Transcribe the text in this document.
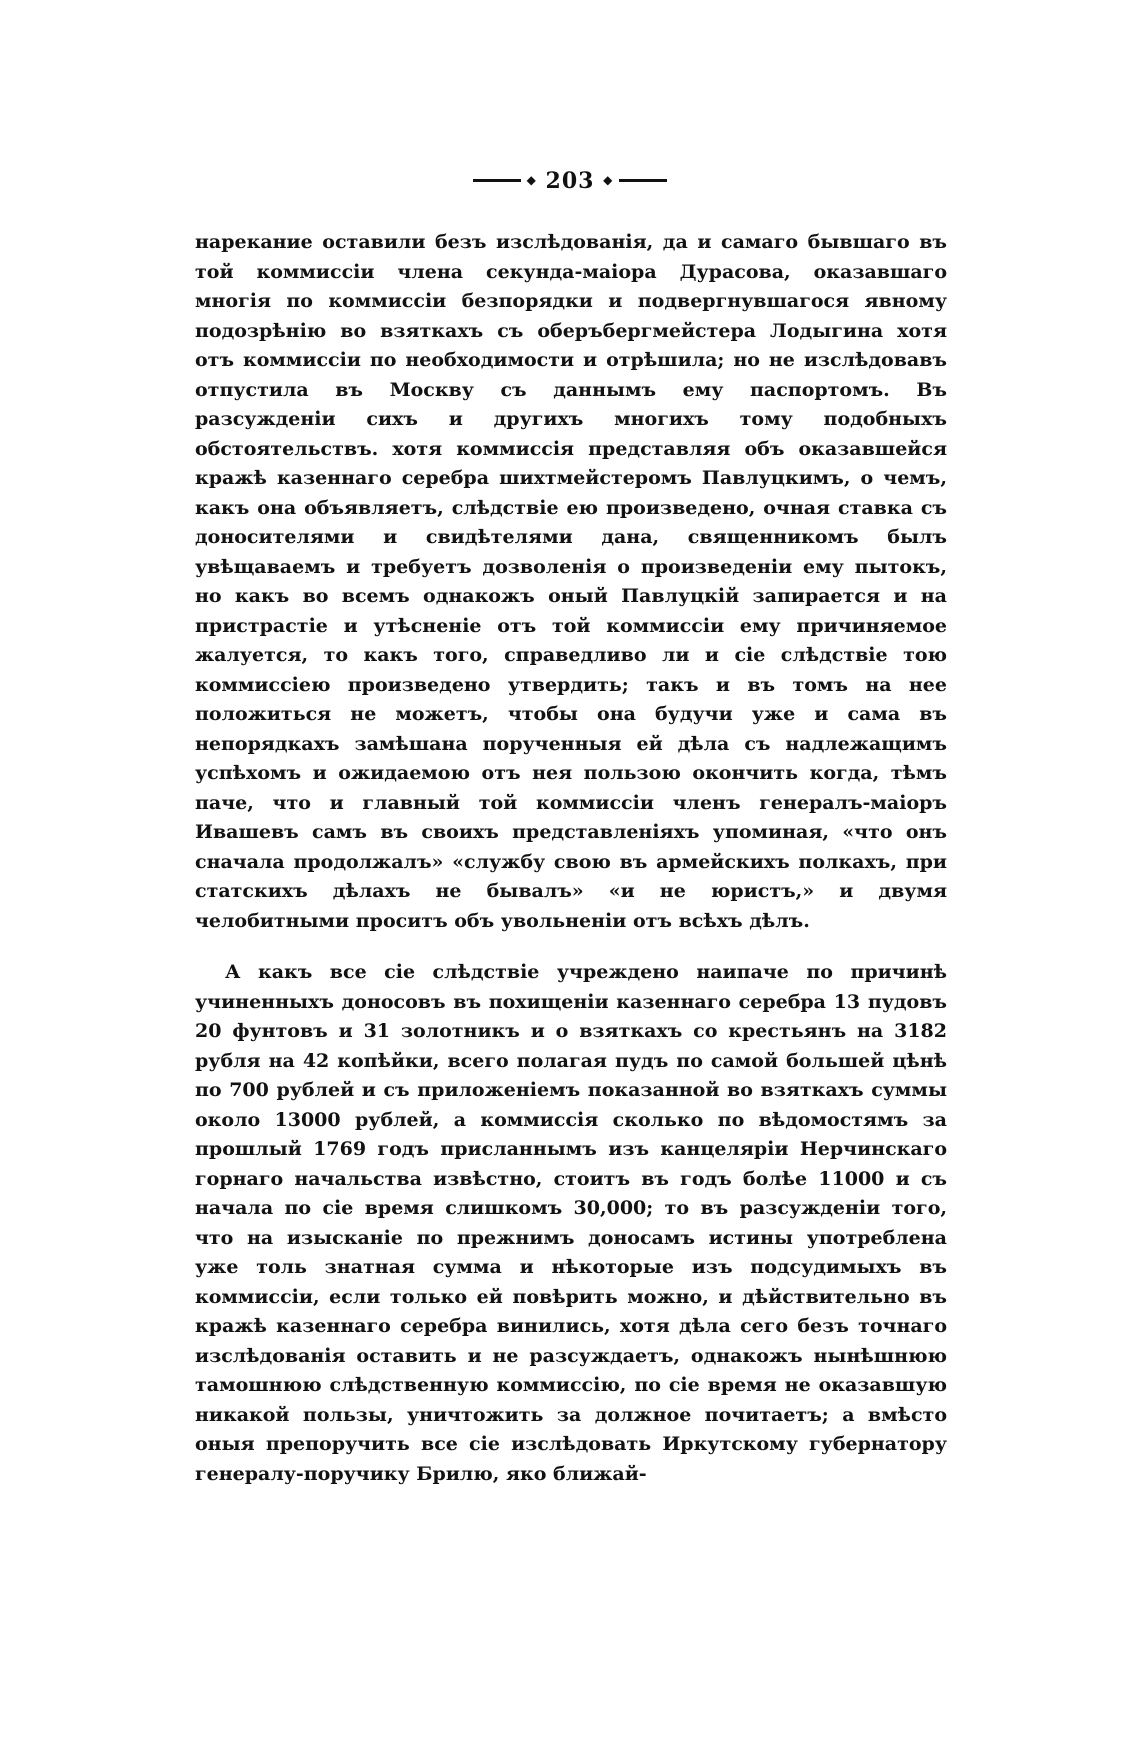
◆ 203 ◆

нарекание оставили безъ изслѣдованія, да и самаго бывшаго въ той коммиссіи члена секунда-маіора Дурасова, оказавшаго многія по коммиссіи безпорядки и подвергнувшагося явному подозрѣнію во взяткахъ съ оберъбергмейстера Лодыгина хотя отъ коммиссіи по необходимости и отрѣшила; но не изслѣдовавъ отпустила въ Москву съ даннымъ ему паспортомъ. Въ разсужденіи сихъ и другихъ многихъ тому подобныхъ обстоятельствъ. хотя коммиссія представляя объ оказавшейся кражѣ казеннаго серебра шихтмейстеромъ Павлуцкимъ, о чемъ, какъ она объявляетъ, слѣдствіе ею произведено, очная ставка съ доносителями и свидѣтелями дана, священникомъ былъ увѣщаваемъ и требуетъ дозволенія о произведеніи ему пытокъ, но какъ во всемъ однакожъ оный Павлуцкій запирается и на пристрастіе и утѣсненіе отъ той коммиссіи ему причиняемое жалуется, то какъ того, справедливо ли и сіе слѣдствіе тою коммиссіею произведено утвердить; такъ и въ томъ на нее положиться не можетъ, чтобы она будучи уже и сама въ непорядкахъ замѣшана порученныя ей дѣла съ надлежащимъ успѣхомъ и ожидаемою отъ нея пользою окончить когда, тѣмъ паче, что и главный той коммиссіи членъ генералъ-маіоръ Ивашевъ самъ въ своихъ представленіяхъ упоминая, «что онъ сначала продолжалъ» «службу свою въ армейскихъ полкахъ, при статскихъ дѣлахъ не бывалъ» «и не юристъ,» и двумя челобитными проситъ объ увольненіи отъ всѣхъ дѣлъ.

А какъ все сіе слѣдствіе учреждено наипаче по причинѣ учиненныхъ доносовъ въ похищеніи казеннаго серебра 13 пудовъ 20 фунтовъ и 31 золотникъ и о взяткахъ со крестьянъ на 3182 рубля на 42 копѣйки, всего полагая пудъ по самой большей цѣнѣ по 700 рублей и съ приложеніемъ показанной во взяткахъ суммы около 13000 рублей, а коммиссія сколько по вѣдомостямъ за прошлый 1769 годъ присланнымъ изъ канцеляріи Нерчинскаго горнаго начальства извѣстно, стоитъ въ годъ болѣе 11000 и съ начала по сіе время слишкомъ 30,000; то въ разсужденіи того, что на изысканіе по прежнимъ доносамъ истины употреблена уже толь знатная сумма и нѣкоторые изъ подсудимыхъ въ коммиссіи, если только ей повѣрить можно, и дѣйствительно въ кражѣ казеннаго серебра винились, хотя дѣла сего безъ точнаго изслѣдованія оставить и не разсуждаетъ, однакожъ нынѣшнюю тамошнюю слѣдственную коммиссію, по сіе время не оказавшую никакой пользы, уничтожить за должное почитаетъ; а вмѣсто оныя препоручить все сіе изслѣдовать Иркутскому губернатору генералу-поручику Брилю, яко ближай-
